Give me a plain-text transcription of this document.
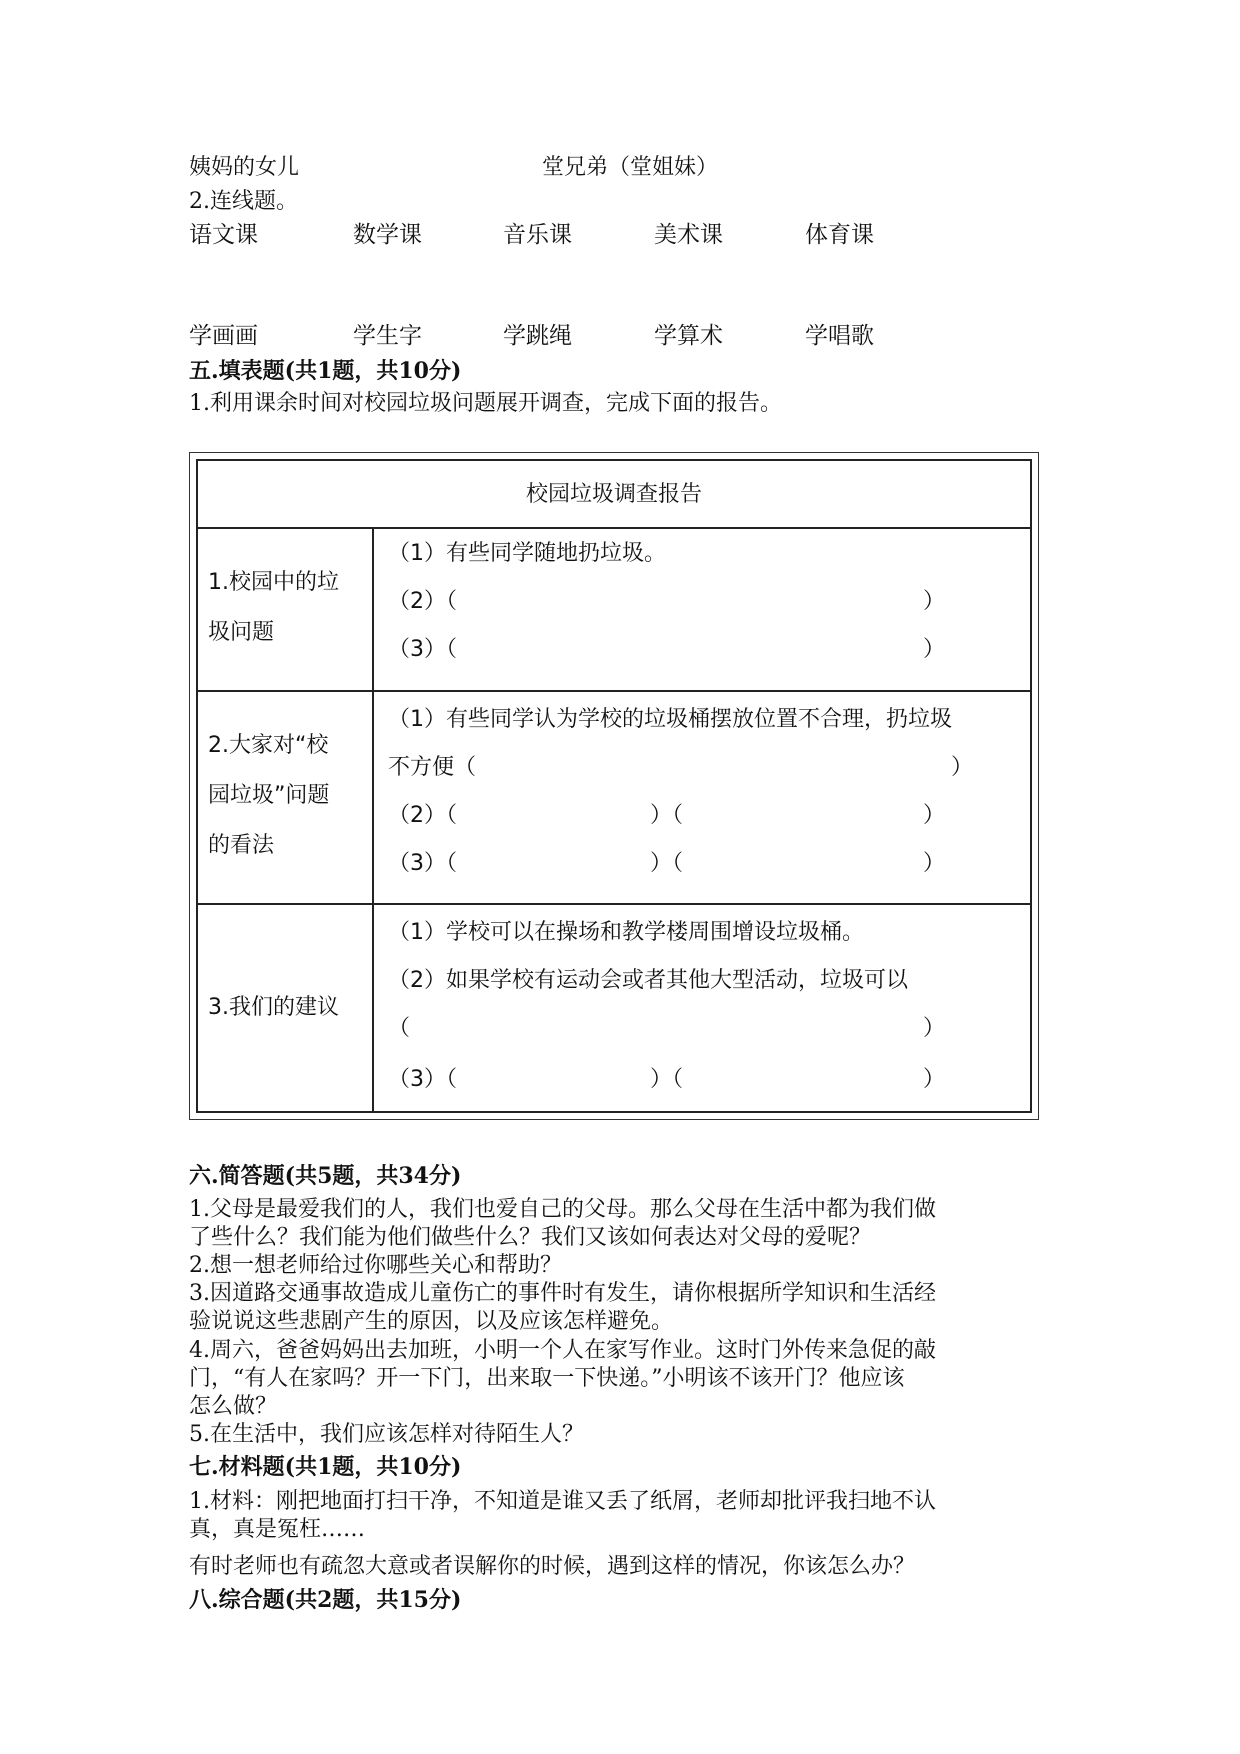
姨妈的女儿	堂兄弟（堂姐妹）
2.连线题。
语文课	数学课	音乐课	美术课	体育课
学画画	学生字	学跳绳	学算术	学唱歌
五.填表题(共1题，共10分)
1.利用课余时间对校园垃圾问题展开调查，完成下面的报告。
校园垃圾调查报告
1.校园中的垃
圾问题
（1）有些同学随地扔垃圾。
（2）（	）
（3）（	）
2.大家对“校
园垃圾”问题
的看法
（1）有些同学认为学校的垃圾桶摆放位置不合理，扔垃圾
不方便（	）
（2）（	）（	）
（3）（	）（	）
3.我们的建议
（1）学校可以在操场和教学楼周围增设垃圾桶。
（2）如果学校有运动会或者其他大型活动，垃圾可以
（	）
（3）（	）（	）
六.简答题(共5题，共34分)
1.父母是最爱我们的人，我们也爱自己的父母。那么父母在生活中都为我们做
了些什么？我们能为他们做些什么？我们又该如何表达对父母的爱呢？
2.想一想老师给过你哪些关心和帮助？
3.因道路交通事故造成儿童伤亡的事件时有发生，请你根据所学知识和生活经
验说说这些悲剧产生的原因，以及应该怎样避免。
4.周六，爸爸妈妈出去加班，小明一个人在家写作业。这时门外传来急促的敲
门，“有人在家吗？开一下门，出来取一下快递。”小明该不该开门？他应该
怎么做？
5.在生活中，我们应该怎样对待陌生人？
七.材料题(共1题，共10分)
1.材料：刚把地面打扫干净，不知道是谁又丢了纸屑，老师却批评我扫地不认
真，真是冤枉……
有时老师也有疏忽大意或者误解你的时候，遇到这样的情况，你该怎么办？
八.综合题(共2题，共15分)
